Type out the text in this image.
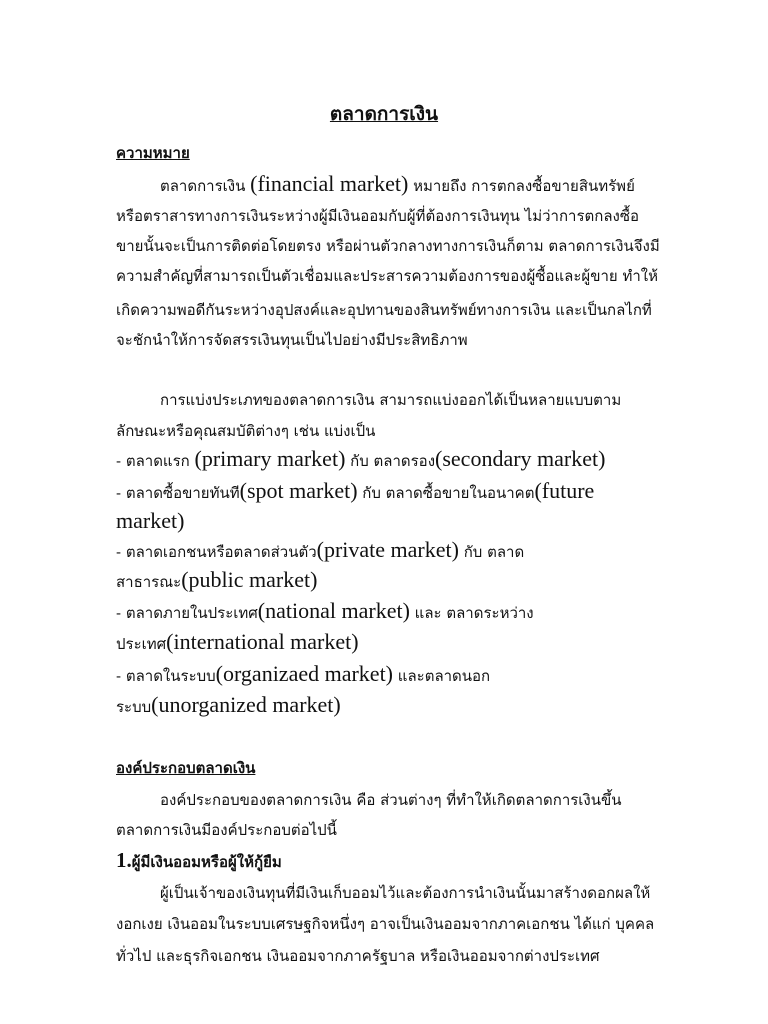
ตลาดการเงิน
ความหมาย
ตลาดการเงิน (financial market) หมายถึง การตกลงซื้อขายสินทรัพย์
หรือตราสารทางการเงินระหว่างผู้มีเงินออมกับผู้ที่ต้องการเงินทุน ไม่ว่าการตกลงซื้อ
ขายนั้นจะเป็นการติดต่อโดยตรง หรือผ่านตัวกลางทางการเงินก็ตาม ตลาดการเงินจึงมี
ความสำคัญที่สามารถเป็นตัวเชื่อมและประสารความต้องการของผู้ซื้อและผู้ขาย ทำให้
เกิดความพอดีกันระหว่างอุปสงค์และอุปทานของสินทรัพย์ทางการเงิน และเป็นกลไกที่
จะชักนำให้การจัดสรรเงินทุนเป็นไปอย่างมีประสิทธิภาพ
การแบ่งประเภทของตลาดการเงิน สามารถแบ่งออกได้เป็นหลายแบบตาม
ลักษณะหรือคุณสมบัติต่างๆ เช่น แบ่งเป็น
- ตลาดแรก (primary market) กับ ตลาดรอง(secondary market)
- ตลาดซื้อขายทันที(spot market) กับ ตลาดซื้อขายในอนาคต(future
market)
- ตลาดเอกชนหรือตลาดส่วนตัว(private market) กับ ตลาด
สาธารณะ(public market)
- ตลาดภายในประเทศ(national market) และ ตลาดระหว่าง
ประเทศ(international market)
- ตลาดในระบบ(organizaed market) และตลาดนอก
ระบบ(unorganized market)
องค์ประกอบตลาดเงิน
องค์ประกอบของตลาดการเงิน คือ ส่วนต่างๆ ที่ทำให้เกิดตลาดการเงินขึ้น
ตลาดการเงินมีองค์ประกอบต่อไปนี้
1.ผู้มีเงินออมหรือผู้ให้กู้ยืม
ผู้เป็นเจ้าของเงินทุนที่มีเงินเก็บออมไว้และต้องการนำเงินนั้นมาสร้างดอกผลให้
งอกเงย เงินออมในระบบเศรษฐกิจหนึ่งๆ อาจเป็นเงินออมจากภาคเอกชน ได้แก่ บุคคล
ทั่วไป และธุรกิจเอกชน เงินออมจากภาครัฐบาล หรือเงินออมจากต่างประเทศ
